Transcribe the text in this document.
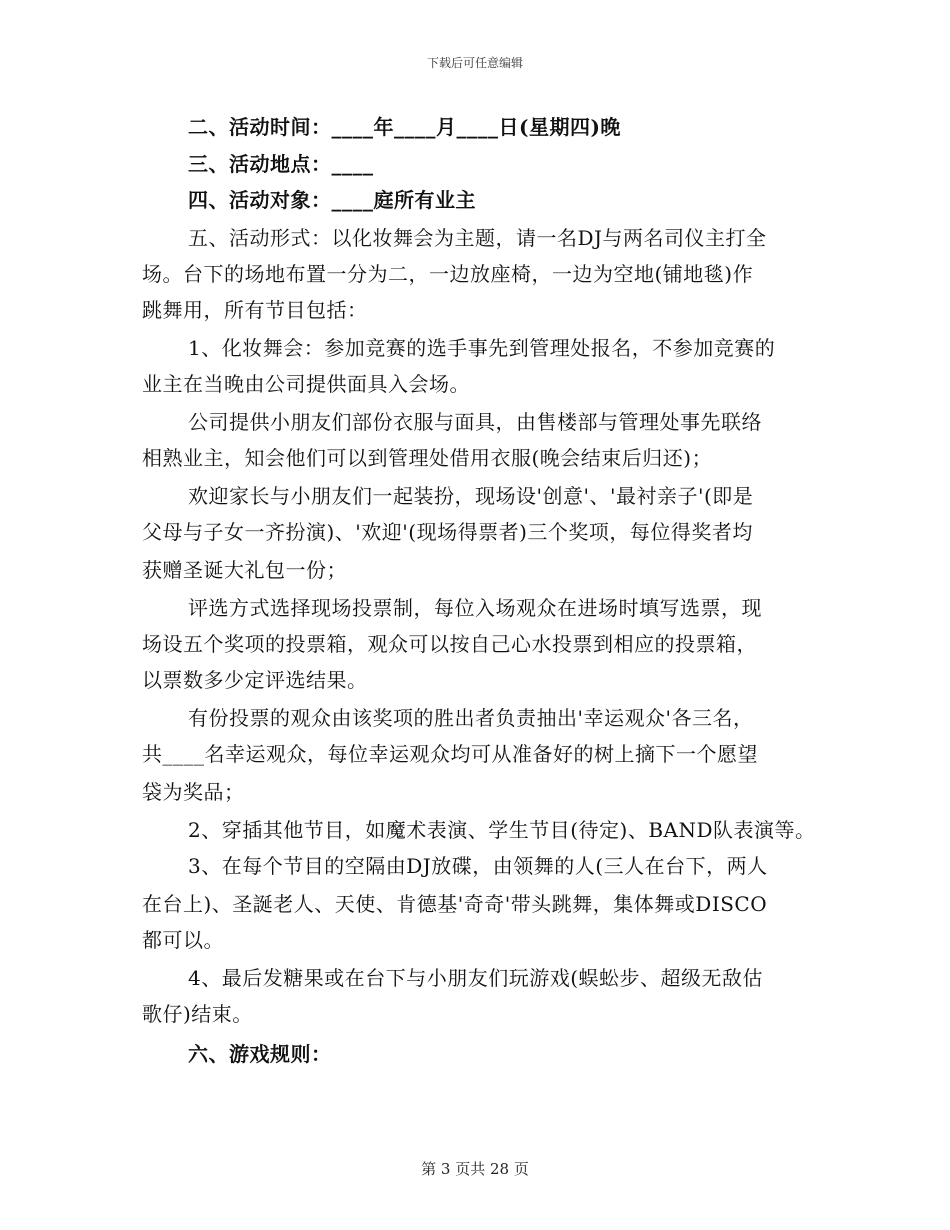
下载后可任意编辑
二、活动时间：____年____月____日(星期四)晚
三、活动地点：____
四、活动对象：____庭所有业主
五、活动形式：以化妆舞会为主题，请一名DJ与两名司仪主打全
场。台下的场地布置一分为二，一边放座椅，一边为空地(铺地毯)作
跳舞用，所有节目包括：
1、化妆舞会：参加竞赛的选手事先到管理处报名，不参加竞赛的
业主在当晚由公司提供面具入会场。
公司提供小朋友们部份衣服与面具，由售楼部与管理处事先联络
相熟业主，知会他们可以到管理处借用衣服(晚会结束后归还)；
欢迎家长与小朋友们一起装扮，现场设'创意'、'最衬亲子'(即是
父母与子女一齐扮演)、'欢迎'(现场得票者)三个奖项，每位得奖者均
获赠圣诞大礼包一份；
评选方式选择现场投票制，每位入场观众在进场时填写选票，现
场设五个奖项的投票箱，观众可以按自己心水投票到相应的投票箱，
以票数多少定评选结果。
有份投票的观众由该奖项的胜出者负责抽出'幸运观众'各三名，
共____名幸运观众，每位幸运观众均可从准备好的树上摘下一个愿望
袋为奖品；
2、穿插其他节目，如魔术表演、学生节目(待定)、BAND队表演等。
3、在每个节目的空隔由DJ放碟，由领舞的人(三人在台下，两人
在台上)、圣誕老人、天使、肯德基'奇奇'带头跳舞，集体舞或DISCO
都可以。
4、最后发糖果或在台下与小朋友们玩游戏(蜈蚣步、超级无敌估
歌仔)结束。
六、游戏规则：
第 3 页共 28 页
